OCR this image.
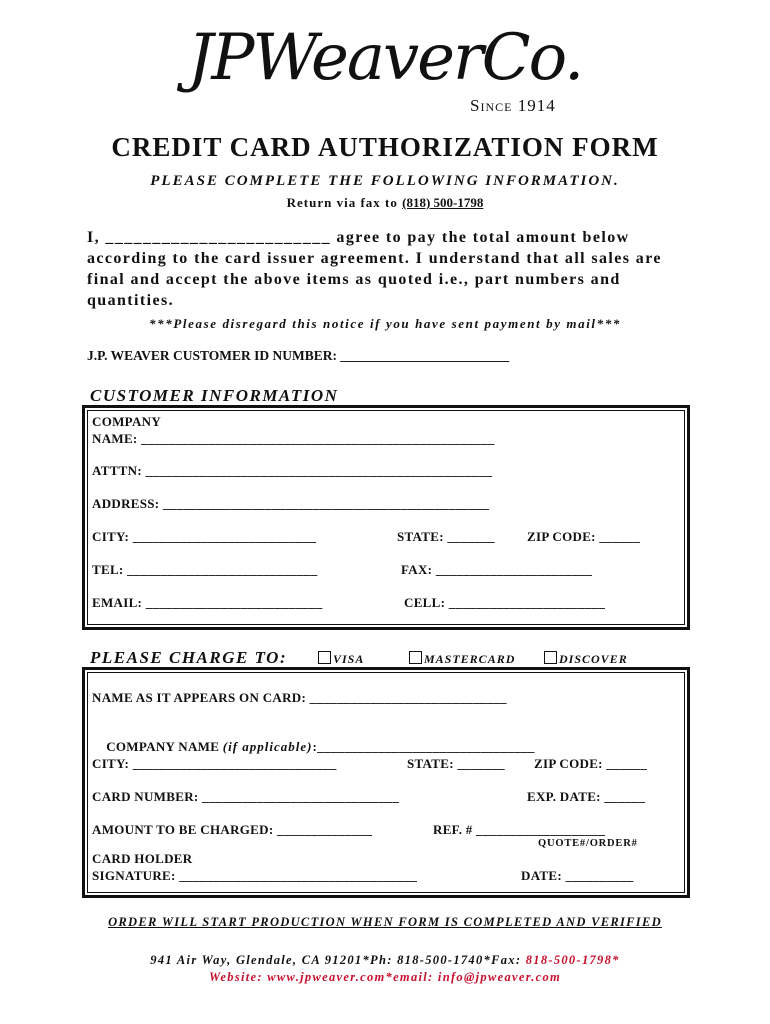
JPWeaverCo.
Since 1914
CREDIT CARD AUTHORIZATION FORM
PLEASE COMPLETE THE FOLLOWING INFORMATION.
Return via fax to (818) 500-1798
I, ________________________ agree to pay the total amount below according to the card issuer agreement. I understand that all sales are final and accept the above items as quoted i.e., part numbers and quantities.
***Please disregard this notice if you have sent payment by mail***
J.P. WEAVER CUSTOMER ID NUMBER: _________________________
CUSTOMER INFORMATION
COMPANY
NAME: ____________________________________________________
ATTTN: ___________________________________________________
ADDRESS: ________________________________________________
CITY: ___________________________	STATE: _______ ZIP CODE: ______
TEL: ____________________________	FAX: _______________________
EMAIL: __________________________	CELL: _______________________
PLEASE CHARGE TO:	VISA	MASTERCARD	DISCOVER
NAME AS IT APPEARS ON CARD: _____________________________

COMPANY NAME (if applicable):________________________________

CITY: ______________________________	STATE: _______ ZIP CODE: ______
CARD NUMBER: _____________________________	EXP. DATE: ______
AMOUNT TO BE CHARGED: ______________	REF. # ___________________
QUOTE#/ORDER#
CARD HOLDER
SIGNATURE: ___________________________________	DATE: __________
ORDER WILL START PRODUCTION WHEN FORM IS COMPLETED AND VERIFIED
941 Air Way, Glendale, CA 91201*Ph: 818-500-1740*Fax: 818-500-1798*
Website: www.jpweaver.com*email: info@jpweaver.com
